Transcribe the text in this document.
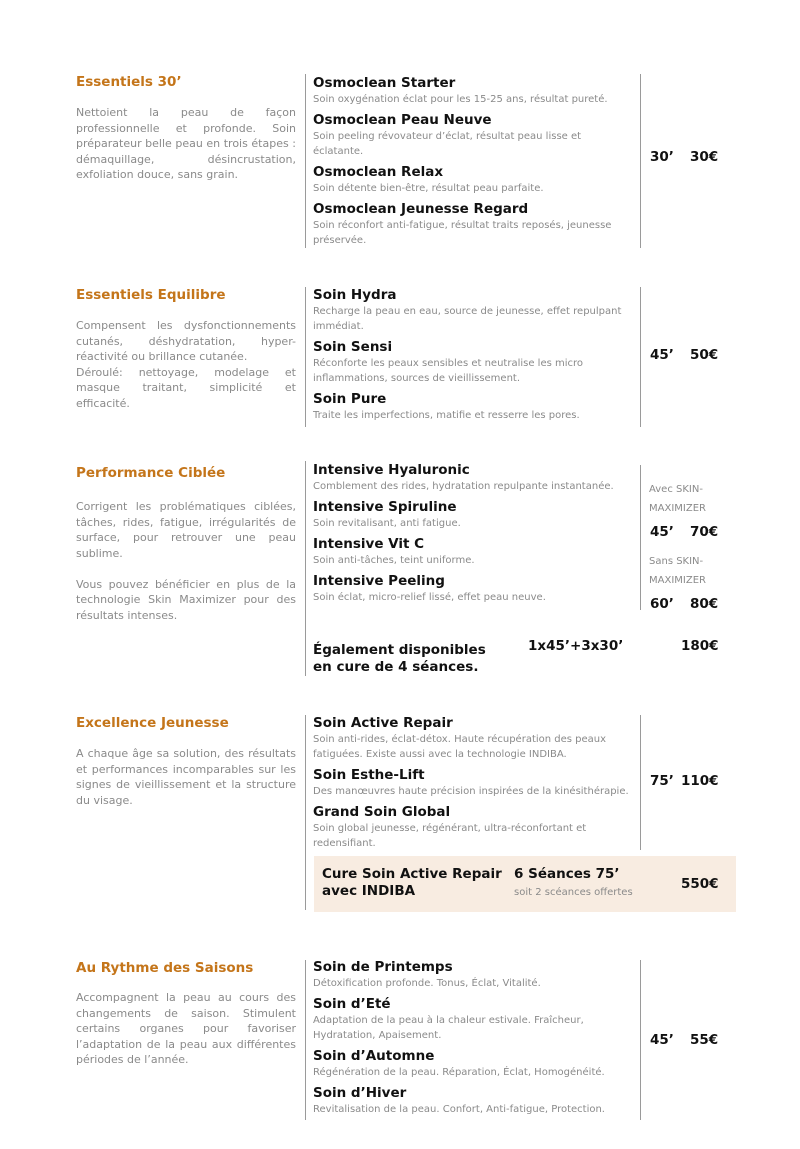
Essentiels 30’

Nettoient la peau de façon professionnelle et profonde. Soin préparateur belle peau en trois étapes : démaquillage, désincrustation, exfoliation douce, sans grain.

Osmoclean Starter
Soin oxygénation éclat pour les 15-25 ans, résultat pureté.
Osmoclean Peau Neuve
Soin peeling révovateur d’éclat, résultat peau lisse et éclatante.
Osmoclean Relax
Soin détente bien-être, résultat peau parfaite.
Osmoclean Jeunesse Regard
Soin réconfort anti-fatigue, résultat traits reposés, jeunesse préservée.
30’ 30€
Essentiels Equilibre

Compensent les dysfonctionnements cutanés, déshydratation, hyper-réactivité ou brillance cutanée.
Déroulé: nettoyage, modelage et masque traitant, simplicité et efficacité.

Soin Hydra
Recharge la peau en eau, source de jeunesse, effet repulpant immédiat.
Soin Sensi
Réconforte les peaux sensibles et neutralise les micro inflammations, sources de vieillissement.
Soin Pure
Traite les imperfections, matifie et resserre les pores.
45’ 50€
Performance Ciblée

Corrigent les problématiques ciblées, tâches, rides, fatigue, irrégularités de surface, pour retrouver une peau sublime.

Vous pouvez bénéficier en plus de la technologie Skin Maximizer pour des résultats intenses.

Intensive Hyaluronic
Comblement des rides, hydratation repulpante instantanée.
Intensive Spiruline
Soin revitalisant, anti fatigue.
Intensive Vit C
Soin anti-tâches, teint uniforme.
Intensive Peeling
Soin éclat, micro-relief lissé, effet peau neuve.
Avec SKIN-MAXIMIZER
45’ 70€
Sans SKIN-MAXIMIZER
60’ 80€
Également disponibles en cure de 4 séances.
1x45’+3x30’	180€
Excellence Jeunesse

A chaque âge sa solution, des résultats et performances incomparables sur les signes de vieillissement et la structure du visage.

Soin Active Repair
Soin anti-rides, éclat-détox. Haute récupération des peaux fatiguées. Existe aussi avec la technologie INDIBA.
Soin Esthe-Lift
Des manœuvres haute précision inspirées de la kinésithérapie.
Grand Soin Global
Soin global jeunesse, régénérant, ultra-réconfortant et redensifiant.
75’ 110€
Cure Soin Active Repair avec INDIBA
6 Séances 75’
soit 2 scéances offertes
550€
Au Rythme des Saisons

Accompagnent la peau au cours des changements de saison. Stimulent certains organes pour favoriser l’adaptation de la peau aux différentes périodes de l’année.

Soin de Printemps
Détoxification profonde. Tonus, Éclat, Vitalité.
Soin d’Eté
Adaptation de la peau à la chaleur estivale. Fraîcheur, Hydratation, Apaisement.
Soin d’Automne
Régénération de la peau. Réparation, Éclat, Homogénéité.
Soin d’Hiver
Revitalisation de la peau. Confort, Anti-fatigue, Protection.
45’ 55€
